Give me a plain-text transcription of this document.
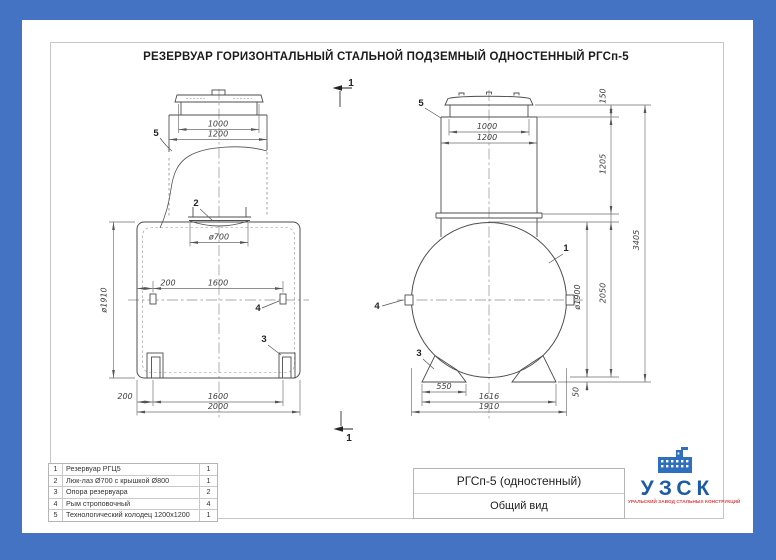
РЕЗЕРВУАР ГОРИЗОНТАЛЬНЫЙ СТАЛЬНОЙ ПОДЗЕМНЫЙ ОДНОСТЕННЫЙ РГСп-5
1000
1200
ø700
200	1600
ø1910
200	1600
2000
5
2
4
3
1
1
1000
1200
550
1616
1910
ø1900
50
150
1205
2050
3405
5
1
4
3
1	Резервуар РГЦ5	1
2	Люк-лаз Ø700 с крышкой Ø800	1
3	Опора резервуара	2
4	Рым строповочный	4
5	Технологический колодец 1200x1200	1
РГСп-5 (одностенный)
Общий вид
УЗСК
УРАЛЬСКИЙ ЗАВОД СТАЛЬНЫХ КОНСТРУКЦИЙ
